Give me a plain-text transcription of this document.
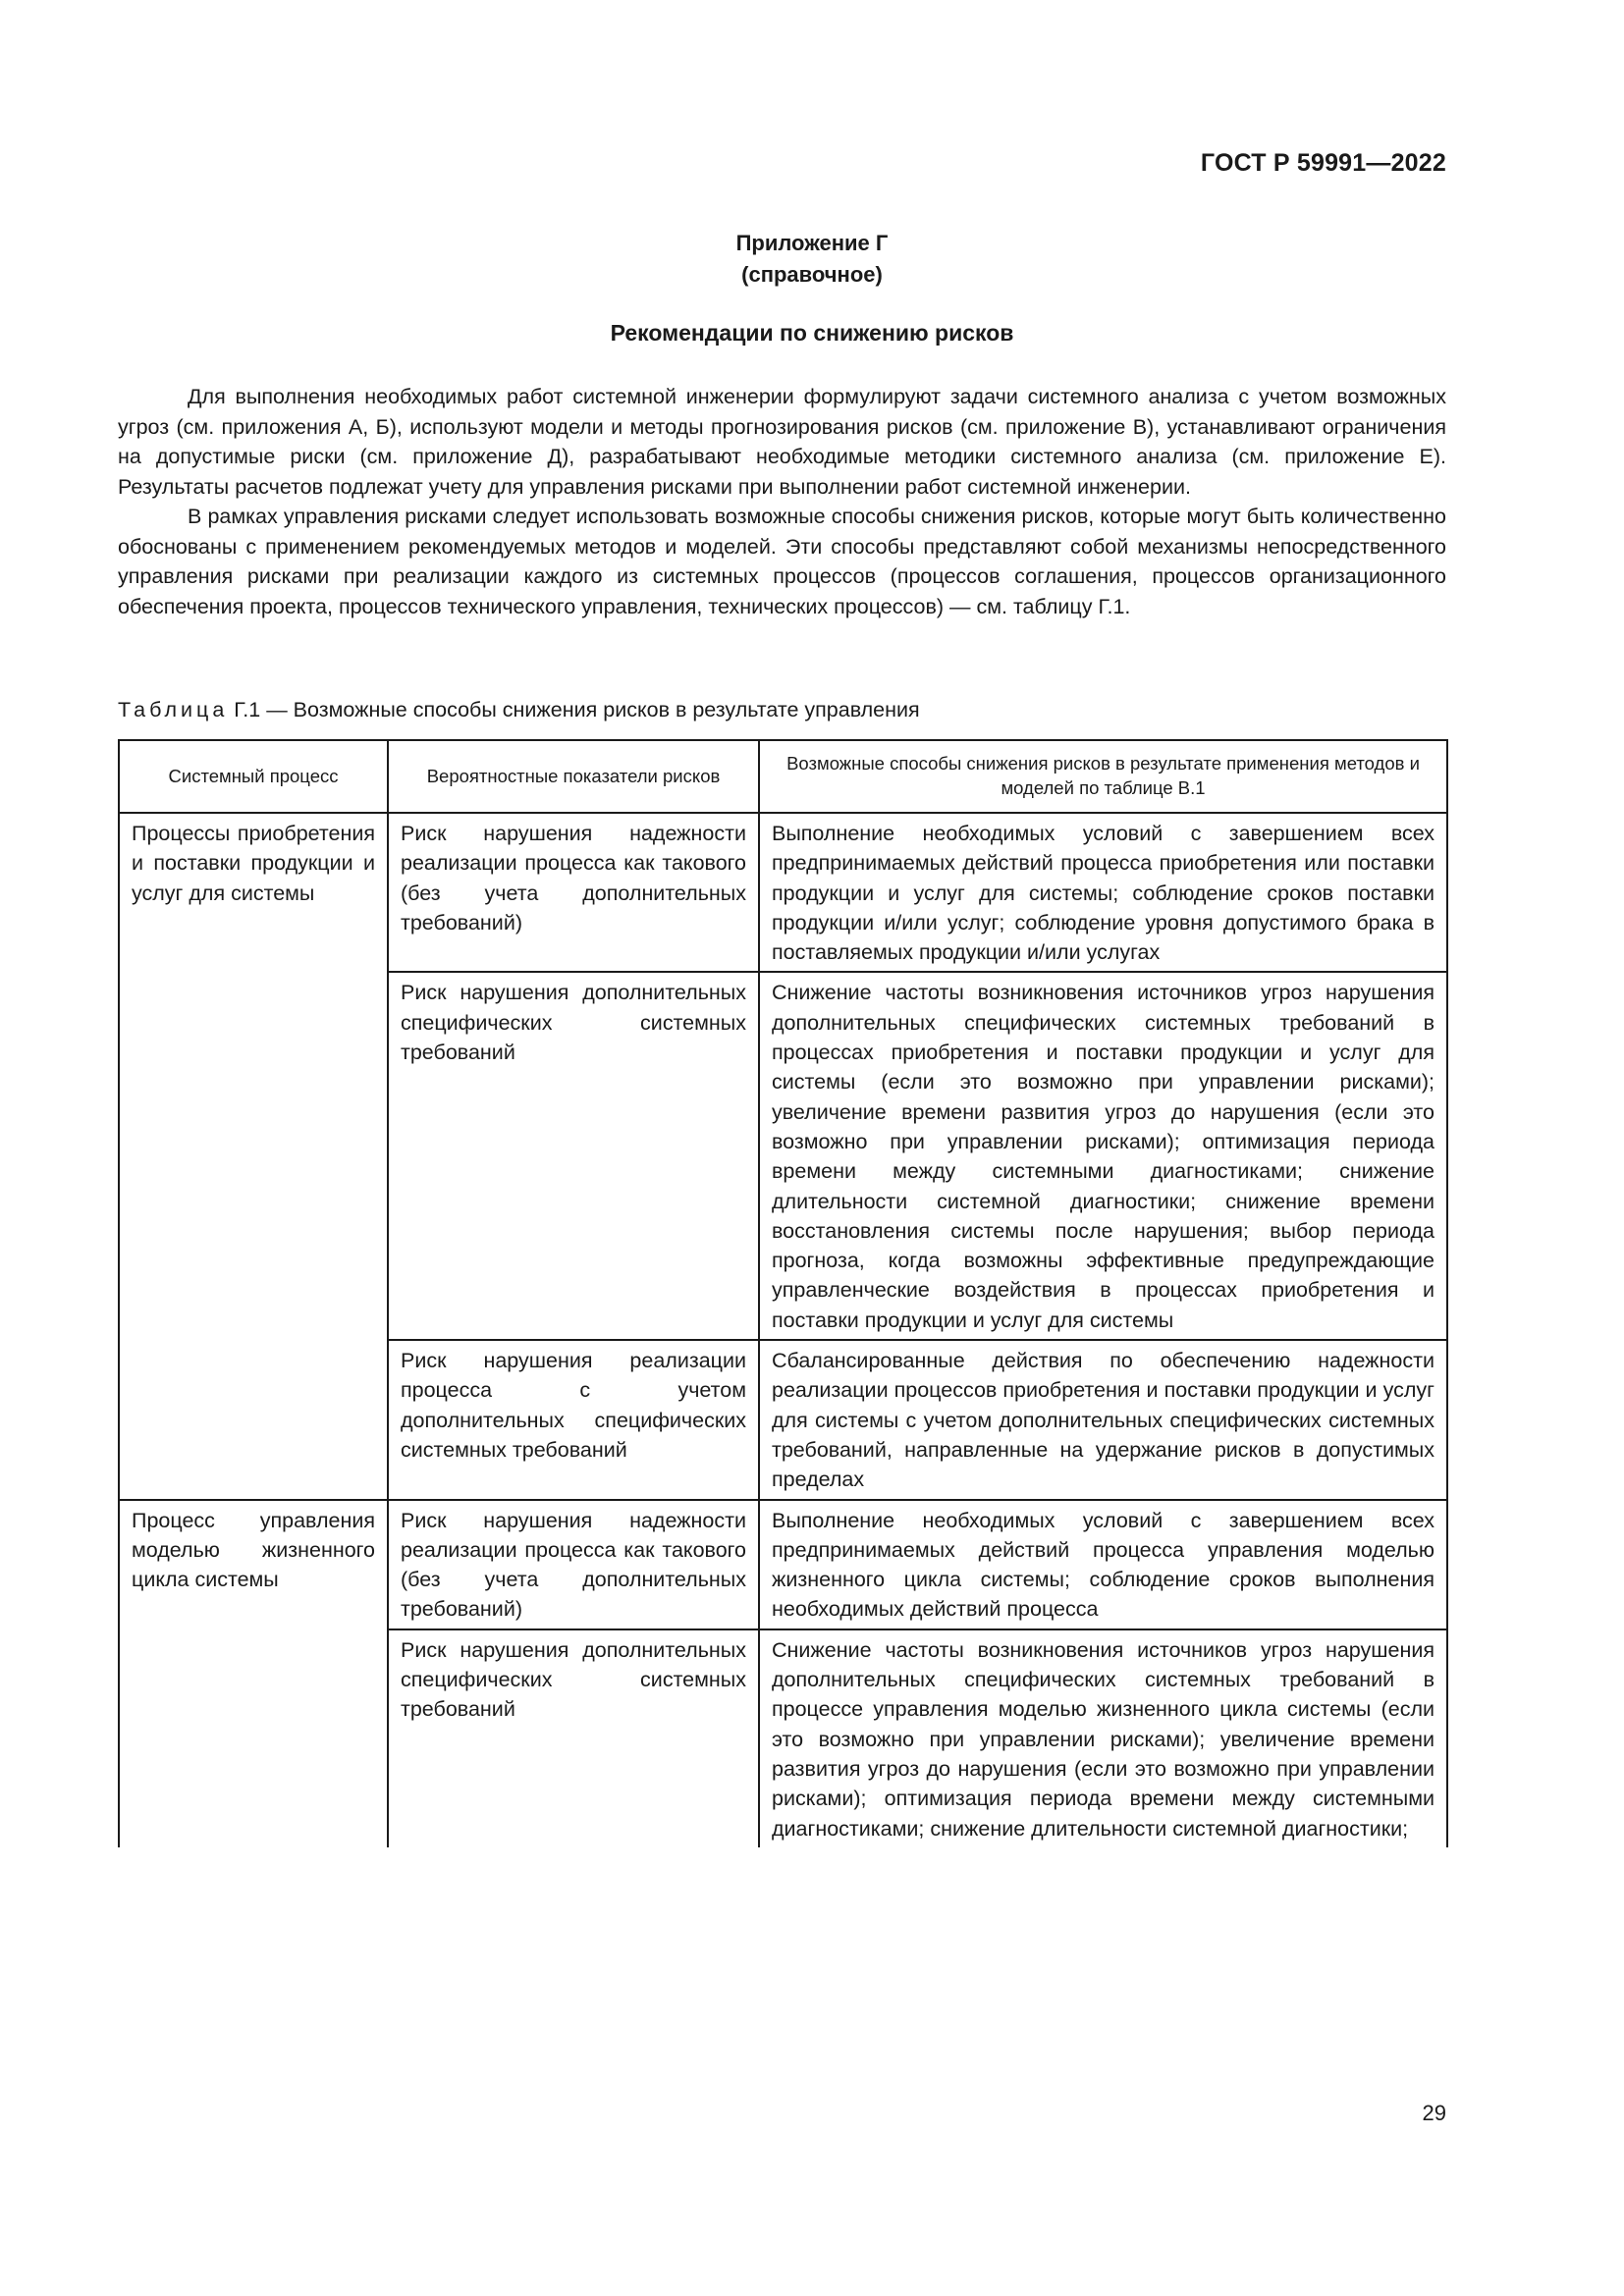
ГОСТ Р 59991—2022
Приложение Г
(справочное)
Рекомендации по снижению рисков

Для выполнения необходимых работ системной инженерии формулируют задачи системного анализа с учетом возможных угроз (см. приложения А, Б), используют модели и методы прогнозирования рисков (см. приложение В), устанавливают ограничения на допустимые риски (см. приложение Д), разрабатывают необходимые методики системного анализа (см. приложение Е). Результаты расчетов подлежат учету для управления рисками при выполнении работ системной инженерии.

В рамках управления рисками следует использовать возможные способы снижения рисков, которые могут быть количественно обоснованы с применением рекомендуемых методов и моделей. Эти способы представляют собой механизмы непосредственного управления рисками при реализации каждого из системных процессов (процессов соглашения, процессов организационного обеспечения проекта, процессов технического управления, технических процессов) — см. таблицу Г.1.

Таблица Г.1 — Возможные способы снижения рисков в результате управления
Системный процесс	Вероятностные показатели рисков	Возможные способы снижения рисков в результате применения методов и моделей по таблице В.1
Процессы приобретения и поставки продукции и услуг для системы	Риск нарушения надежности реализации процесса как такового (без учета дополнительных требований)	Выполнение необходимых условий с завершением всех предпринимаемых действий процесса приобретения или поставки продукции и услуг для системы; соблюдение сроков поставки продукции и/или услуг; соблюдение уровня допустимого брака в поставляемых продукции и/или услугах
	Риск нарушения дополнительных специфических системных требований	Снижение частоты возникновения источников угроз нарушения дополнительных специфических системных требований в процессах приобретения и поставки продукции и услуг для системы (если это возможно при управлении рисками); увеличение времени развития угроз до нарушения (если это возможно при управлении рисками); оптимизация периода времени между системными диагностиками; снижение длительности системной диагностики; снижение времени восстановления системы после нарушения; выбор периода прогноза, когда возможны эффективные предупреждающие управленческие воздействия в процессах приобретения и поставки продукции и услуг для системы
	Риск нарушения реализации процесса с учетом дополнительных специфических системных требований	Сбалансированные действия по обеспечению надежности реализации процессов приобретения и поставки продукции и услуг для системы с учетом дополнительных специфических системных требований, направленные на удержание рисков в допустимых пределах
Процесс управления моделью жизненного цикла системы	Риск нарушения надежности реализации процесса как такового (без учета дополнительных требований)	Выполнение необходимых условий с завершением всех предпринимаемых действий процесса управления моделью жизненного цикла системы; соблюдение сроков выполнения необходимых действий процесса
	Риск нарушения дополнительных специфических системных требований	Снижение частоты возникновения источников угроз нарушения дополнительных специфических системных требований в процессе управления моделью жизненного цикла системы (если это возможно при управлении рисками); увеличение времени развития угроз до нарушения (если это возможно при управлении рисками); оптимизация периода времени между системными диагностиками; снижение длительности системной диагностики;
29
